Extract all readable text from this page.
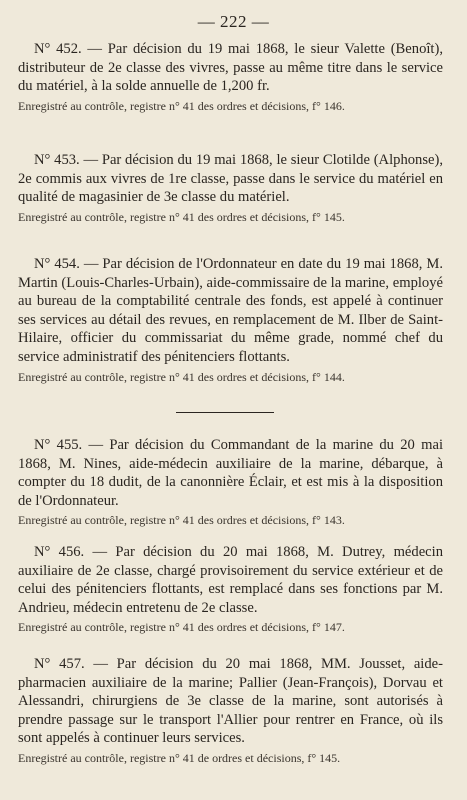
— 222 —

N° 452. — Par décision du 19 mai 1868, le sieur Valette (Benoît), distributeur de 2e classe des vivres, passe au même titre dans le service du matériel, à la solde annuelle de 1,200 fr.

Enregistré au contrôle, registre n° 41 des ordres et décisions, f° 146.

N° 453. — Par décision du 19 mai 1868, le sieur Clotilde (Alphonse), 2e commis aux vivres de 1re classe, passe dans le service du matériel en qualité de magasinier de 3e classe du matériel.

Enregistré au contrôle, registre n° 41 des ordres et décisions, f° 145.

N° 454. — Par décision de l'Ordonnateur en date du 19 mai 1868, M. Martin (Louis-Charles-Urbain), aide-commissaire de la marine, employé au bureau de la comptabilité centrale des fonds, est appelé à continuer ses services au détail des revues, en remplacement de M. Ilber de Saint-Hilaire, officier du commissariat du même grade, nommé chef du service administratif des pénitenciers flottants.

Enregistré au contrôle, registre n° 41 des ordres et décisions, f° 144.

N° 455. — Par décision du Commandant de la marine du 20 mai 1868, M. Nines, aide-médecin auxiliaire de la marine, débarque, à compter du 18 dudit, de la canonnière Éclair, et est mis à la disposition de l'Ordonnateur.

Enregistré au contrôle, registre n° 41 des ordres et décisions, f° 143.

N° 456. — Par décision du 20 mai 1868, M. Dutrey, médecin auxiliaire de 2e classe, chargé provisoirement du service extérieur et de celui des pénitenciers flottants, est remplacé dans ses fonctions par M. Andrieu, médecin entretenu de 2e classe.

Enregistré au contrôle, registre n° 41 des ordres et décisions, f° 147.

N° 457. — Par décision du 20 mai 1868, MM. Jousset, aide-pharmacien auxiliaire de la marine; Pallier (Jean-François), Dorvau et Alessandri, chirurgiens de 3e classe de la marine, sont autorisés à prendre passage sur le transport l'Allier pour rentrer en France, où ils sont appelés à continuer leurs services.

Enregistré au contrôle, registre n° 41 de ordres et décisions, f° 145.
